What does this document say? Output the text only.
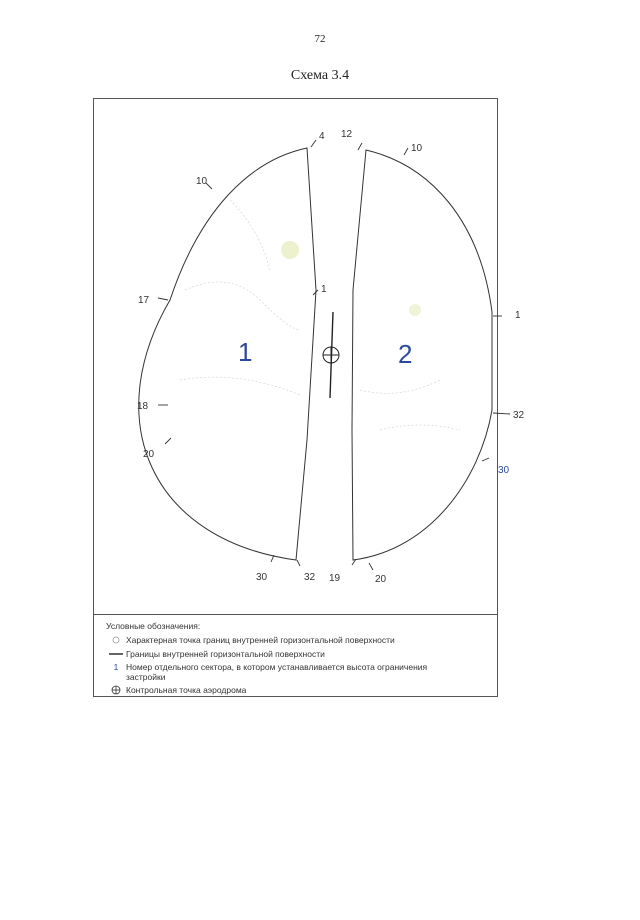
72
Схема 3.4
4
10
17
1
18
20
30	32
12
10
1
32
30
19	20
1	2
Условные обозначения:
Характерная точка границ внутренней горизонтальной поверхности
Границы внутренней горизонтальной поверхности
1 Номер отдельного сектора, в котором устанавливается высота ограничения застройки
Контрольная точка аэродрома
